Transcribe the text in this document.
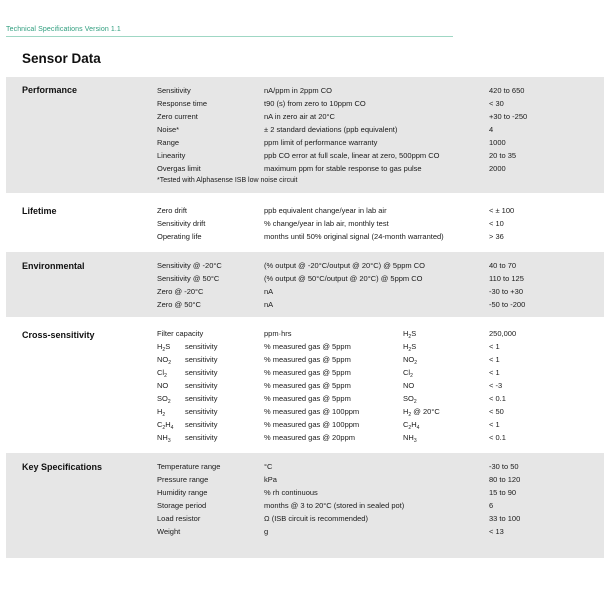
Technical Specifications Version 1.1
Sensor Data
Performance	Sensitivity	nA/ppm in 2ppm CO	420 to 650
Response time	t90 (s) from zero to 10ppm CO	< 30
Zero current	nA in zero air at 20°C	+30 to -250
Noise*	± 2 standard deviations (ppb equivalent)	4
Range	ppm limit of performance warranty	1000
Linearity	ppb CO error at full scale, linear at zero, 500ppm CO	20 to 35
Overgas limit	maximum ppm for stable response to gas pulse	2000
*Tested with Alphasense ISB low noise circuit
Lifetime	Zero drift	ppb equivalent change/year in lab air	< ± 100
Sensitivity drift	% change/year in lab air, monthly test	< 10
Operating life	months until 50% original signal (24-month warranted)	> 36
Environmental	Sensitivity @ -20°C	(% output @ -20°C/output @ 20°C) @ 5ppm CO	40 to 70
Sensitivity @ 50°C	(% output @ 50°C/output @ 20°C) @ 5ppm CO	110 to 125
Zero @ -20°C	nA	-30 to +30
Zero @ 50°C	nA	-50 to -200
Cross-sensitivity	Filter capacity	ppm·hrs	$H_2S$	250,000
$H_2S$	sensitivity	% measured gas @ 5ppm	$H_2S$	< 1
$NO_2$	sensitivity	% measured gas @ 5ppm	$NO_2$	< 1
$Cl_2$	sensitivity	% measured gas @ 5ppm	$Cl_2$	< 1
NO	sensitivity	% measured gas @ 5ppm	NO	< -3
$SO_2$	sensitivity	% measured gas @ 5ppm	$SO_2$	< 0.1
$H_2$	sensitivity	% measured gas @ 100ppm	$H_2$ @ 20°C	< 50
$C_2H_4$	sensitivity	% measured gas @ 100ppm	$C_2H_4$	< 1
$NH_3$	sensitivity	% measured gas @ 20ppm	$NH_3$	< 0.1
Key Specifications	Temperature range	°C	-30 to 50
Pressure range	kPa	80 to 120
Humidity range	% rh continuous	15 to 90
Storage period	months @ 3 to 20°C (stored in sealed pot)	6
Load resistor	Ω (ISB circuit is recommended)	33 to 100
Weight	g	< 13
